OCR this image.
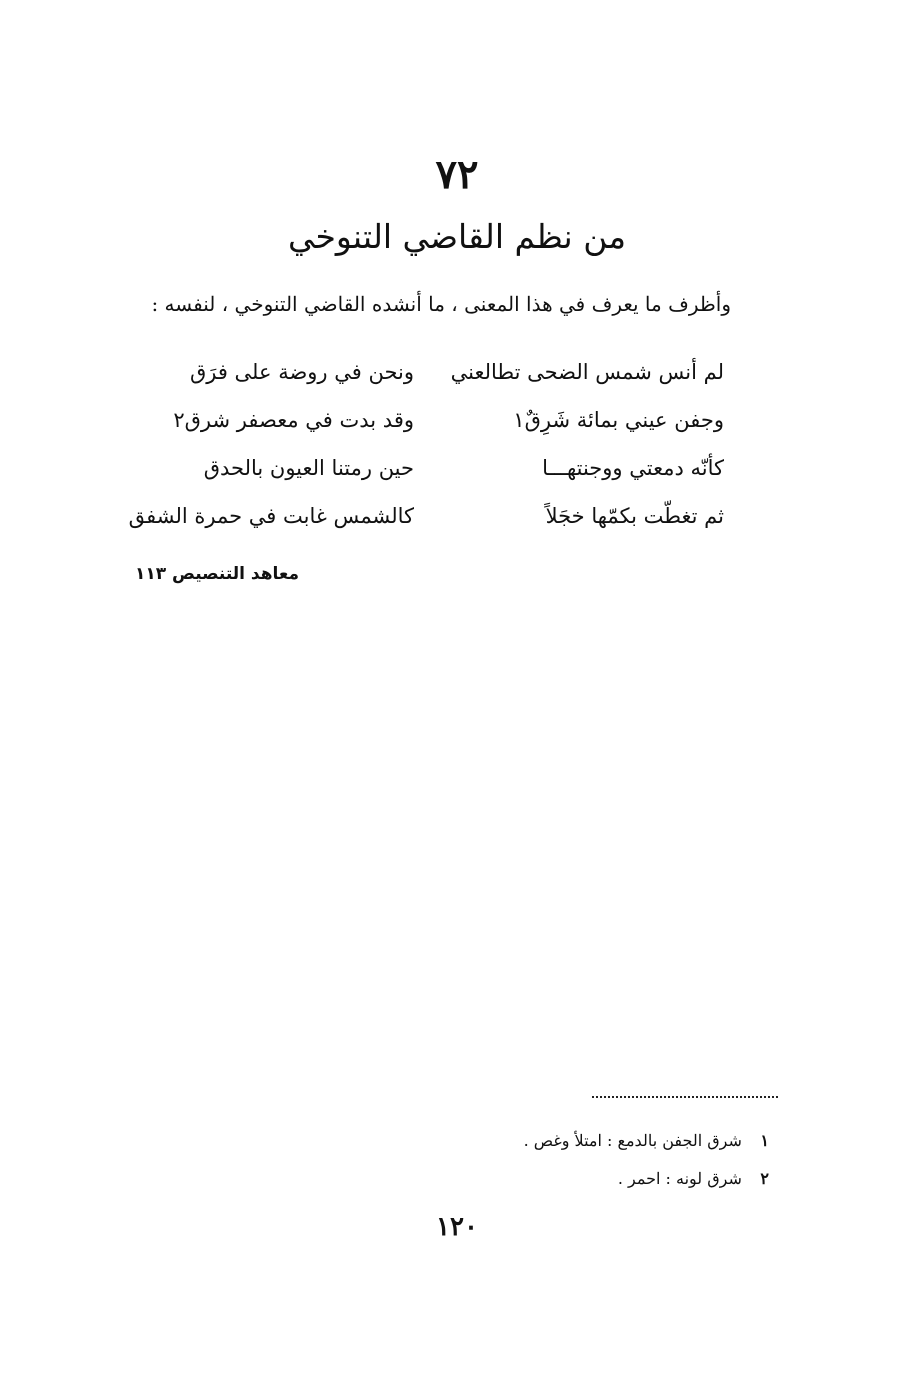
٧٢
من نظم القاضي التنوخي
وأظرف ما يعرف في هذا المعنى ، ما أنشده القاضي التنوخي ، لنفسه :
لم أنس شمس الضحى تطالعني
ونحن في روضة على فرَق
وجفن عيني بمائة شَرِقٌ١
وقد بدت في معصفر شرق٢
كأنّه دمعتي ووجنتهـــا
حين رمتنا العيون بالحدق
ثم تغطّت بكمّها خجَلاً
كالشمس غابت في حمرة الشفق
معاهد التنصيص ١١٣
١ شرق الجفن بالدمع : امتلأ وغص .
٢ شرق لونه : احمر .
١٢٠
